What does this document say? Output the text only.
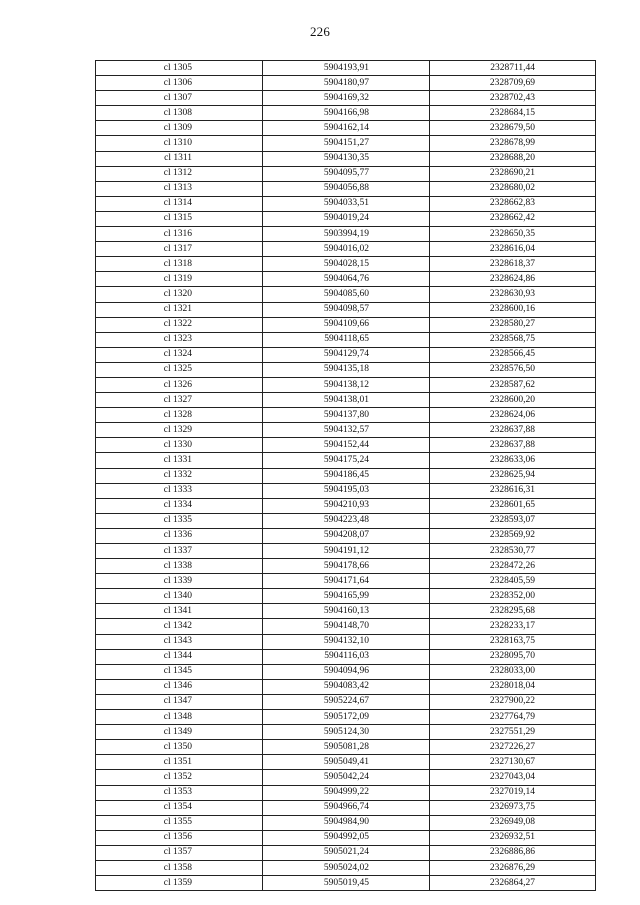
226
cl 1305	5904193,91	2328711,44
cl 1306	5904180,97	2328709,69
cl 1307	5904169,32	2328702,43
cl 1308	5904166,98	2328684,15
cl 1309	5904162,14	2328679,50
cl 1310	5904151,27	2328678,99
cl 1311	5904130,35	2328688,20
cl 1312	5904095,77	2328690,21
cl 1313	5904056,88	2328680,02
cl 1314	5904033,51	2328662,83
cl 1315	5904019,24	2328662,42
cl 1316	5903994,19	2328650,35
cl 1317	5904016,02	2328616,04
cl 1318	5904028,15	2328618,37
cl 1319	5904064,76	2328624,86
cl 1320	5904085,60	2328630,93
cl 1321	5904098,57	2328600,16
cl 1322	5904109,66	2328580,27
cl 1323	5904118,65	2328568,75
cl 1324	5904129,74	2328566,45
cl 1325	5904135,18	2328576,50
cl 1326	5904138,12	2328587,62
cl 1327	5904138,01	2328600,20
cl 1328	5904137,80	2328624,06
cl 1329	5904132,57	2328637,88
cl 1330	5904152,44	2328637,88
cl 1331	5904175,24	2328633,06
cl 1332	5904186,45	2328625,94
cl 1333	5904195,03	2328616,31
cl 1334	5904210,93	2328601,65
cl 1335	5904223,48	2328593,07
cl 1336	5904208,07	2328569,92
cl 1337	5904191,12	2328530,77
cl 1338	5904178,66	2328472,26
cl 1339	5904171,64	2328405,59
cl 1340	5904165,99	2328352,00
cl 1341	5904160,13	2328295,68
cl 1342	5904148,70	2328233,17
cl 1343	5904132,10	2328163,75
cl 1344	5904116,03	2328095,70
cl 1345	5904094,96	2328033,00
cl 1346	5904083,42	2328018,04
cl 1347	5905224,67	2327900,22
cl 1348	5905172,09	2327764,79
cl 1349	5905124,30	2327551,29
cl 1350	5905081,28	2327226,27
cl 1351	5905049,41	2327130,67
cl 1352	5905042,24	2327043,04
cl 1353	5904999,22	2327019,14
cl 1354	5904966,74	2326973,75
cl 1355	5904984,90	2326949,08
cl 1356	5904992,05	2326932,51
cl 1357	5905021,24	2326886,86
cl 1358	5905024,02	2326876,29
cl 1359	5905019,45	2326864,27
